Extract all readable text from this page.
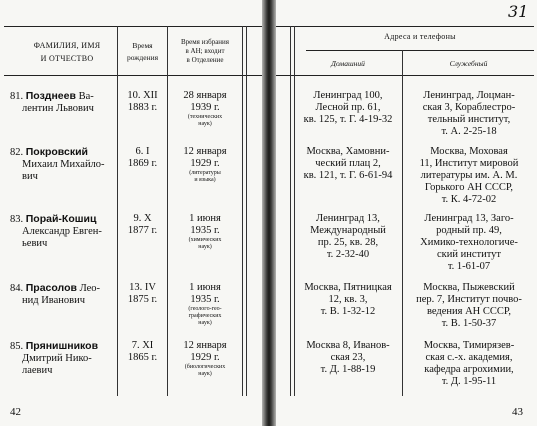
ФАМИЛИЯ, ИМЯ
И ОТЧЕСТВО
Время
рождения
Время избрания
в АН; входит
в Отделение
81. Позднеев Ва-
лентин Львович
10. XII
1883 г.
28 января
1939 г.
(технических
наук)
82. Покровский
Михаил Михайло-
вич
6. I
1869 г.
12 января
1929 г.
(литературы
и языка)
83. Порай-Кошиц
Александр Евген-
ьевич
9. X
1877 г.
1 июня
1935 г.
(химических
наук)
84. Прасолов Лео-
нид Иванович
13. IV
1875 г.
1 июня
1935 г.
(геолого-гео-
графических
наук)
85. Прянишников
Дмитрий Нико-
лаевич
7. XI
1865 г.
12 января
1929 г.
(биологических
наук)
42
31
Адреса и телефоны
Домашний	Служебный
Ленинград 100,
Лесной пр. 61,
кв. 125, т. Г. 4-19-32
Ленинград, Лоцман-
ская 3, Кораблестро-
тельный институт,
т. А. 2-25-18
Москва, Хамовни-
ческий плац 2,
кв. 121, т. Г. 6-61-94
Москва, Моховая
11, Институт мировой
литературы им. А. М.
Горького АН СССР,
т. К. 4-72-02
Ленинград 13,
Международный
пр. 25, кв. 28,
т. 2-32-40
Ленинград 13, Заго-
родный пр. 49,
Химико-технологиче-
ский институт
т. 1-61-07
Москва, Пятницкая
12, кв. 3,
т. В. 1-32-12
Москва, Пыжевский
пер. 7, Институт почво-
ведения АН СССР,
т. В. 1-50-37
Москва 8, Иванов-
ская 23,
т. Д. 1-88-19
Москва, Тимирязев-
ская с.-х. академия,
кафедра агрохимии,
т. Д. 1-95-11
43
